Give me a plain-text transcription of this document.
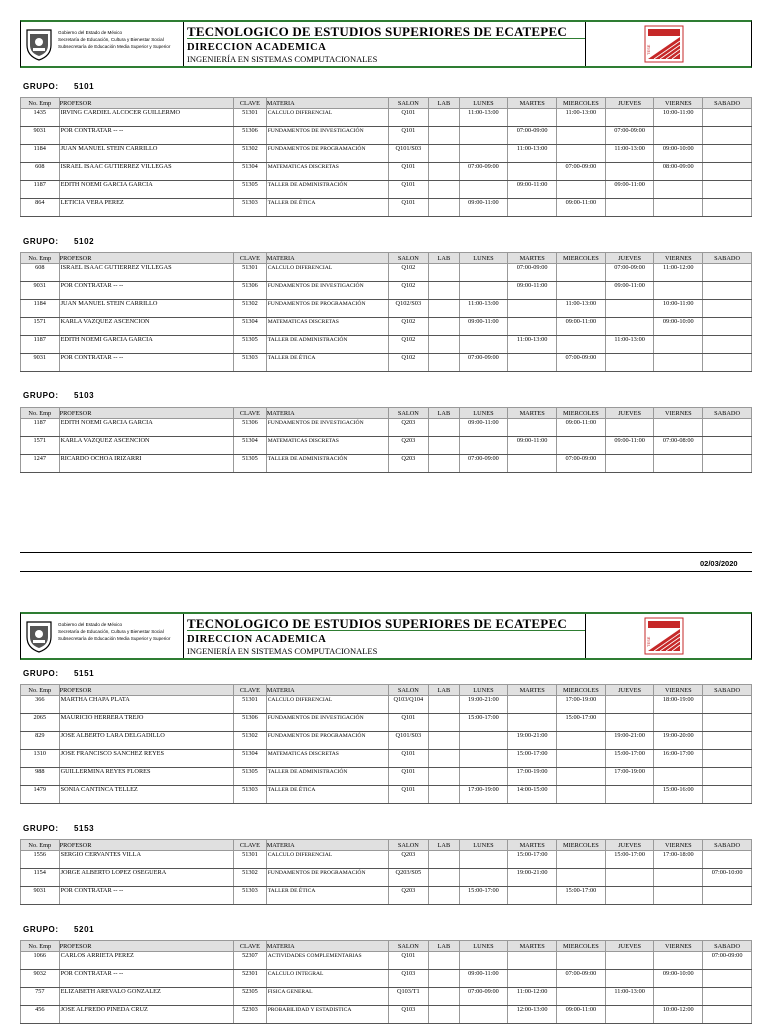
Gobierno del Estado de México
Secretaría de Educación, Cultura y Bienestar Social
Subsecretaría de Educación Media Superior y Superior
TECNOLOGICO DE ESTUDIOS SUPERIORES DE ECATEPEC
DIRECCION ACADEMICA
INGENIERÍA EN SISTEMAS COMPUTACIONALES
TESE
GRUPO: 5101
No. Emp	PROFESOR	CLAVE	MATERIA	SALON	LAB	LUNES	MARTES	MIERCOLES	JUEVES	VIERNES	SABADO
1435	IRVING CARDIEL ALCOCER GUILLERMO	51301	CALCULO DIFERENCIAL	Q101		11:00-13:00		11:00-13:00		10:00-11:00	
9031	POR CONTRATAR -- --	51306	FUNDAMENTOS DE INVESTIGACIÓN	Q101			07:00-09:00		07:00-09:00		
1184	JUAN MANUEL STEIN CARRILLO	51302	FUNDAMENTOS DE PROGRAMACIÓN	Q101/S03			11:00-13:00		11:00-13:00	09:00-10:00	
608	ISRAEL ISAAC GUTIERREZ VILLEGAS	51304	MATEMATICAS DISCRETAS	Q101		07:00-09:00		07:00-09:00		08:00-09:00	
1187	EDITH NOEMI GARCIA GARCIA	51305	TALLER DE ADMINISTRACIÓN	Q101			09:00-11:00		09:00-11:00		
864	LETICIA VERA PEREZ	51303	TALLER DE ÉTICA	Q101		09:00-11:00		09:00-11:00			
GRUPO: 5102
No. Emp	PROFESOR	CLAVE	MATERIA	SALON	LAB	LUNES	MARTES	MIERCOLES	JUEVES	VIERNES	SABADO
608	ISRAEL ISAAC GUTIERREZ VILLEGAS	51301	CALCULO DIFERENCIAL	Q102			07:00-09:00		07:00-09:00	11:00-12:00	
9031	POR CONTRATAR -- --	51306	FUNDAMENTOS DE INVESTIGACIÓN	Q102			09:00-11:00		09:00-11:00		
1184	JUAN MANUEL STEIN CARRILLO	51302	FUNDAMENTOS DE PROGRAMACIÓN	Q102/S03		11:00-13:00		11:00-13:00		10:00-11:00	
1571	KARLA VAZQUEZ ASCENCION	51304	MATEMATICAS DISCRETAS	Q102		09:00-11:00		09:00-11:00		09:00-10:00	
1187	EDITH NOEMI GARCIA GARCIA	51305	TALLER DE ADMINISTRACIÓN	Q102			11:00-13:00		11:00-13:00		
9031	POR CONTRATAR -- --	51303	TALLER DE ÉTICA	Q102		07:00-09:00		07:00-09:00			
GRUPO: 5103
No. Emp	PROFESOR	CLAVE	MATERIA	SALON	LAB	LUNES	MARTES	MIERCOLES	JUEVES	VIERNES	SABADO
1187	EDITH NOEMI GARCIA GARCIA	51306	FUNDAMENTOS DE INVESTIGACIÓN	Q203		09:00-11:00		09:00-11:00			
1571	KARLA VAZQUEZ ASCENCION	51304	MATEMATICAS DISCRETAS	Q203			09:00-11:00		09:00-11:00	07:00-08:00	
1247	RICARDO OCHOA IRIZARRI	51305	TALLER DE ADMINISTRACIÓN	Q203		07:00-09:00		07:00-09:00			
Gobierno del Estado de México
Secretaría de Educación, Cultura y Bienestar Social
Subsecretaría de Educación Media Superior y Superior
TECNOLOGICO DE ESTUDIOS SUPERIORES DE ECATEPEC
DIRECCION ACADEMICA
INGENIERÍA EN SISTEMAS COMPUTACIONALES
TESE
GRUPO: 5151
No. Emp	PROFESOR	CLAVE	MATERIA	SALON	LAB	LUNES	MARTES	MIERCOLES	JUEVES	VIERNES	SABADO
366	MARTHA CHAPA PLATA	51301	CALCULO DIFERENCIAL	Q103/Q104		19:00-21:00		17:00-19:00		18:00-19:00	
2065	MAURICIO HERRERA TREJO	51306	FUNDAMENTOS DE INVESTIGACIÓN	Q101		15:00-17:00		15:00-17:00			
829	JOSE ALBERTO LARA DELGADILLO	51302	FUNDAMENTOS DE PROGRAMACIÓN	Q101/S03			19:00-21:00		19:00-21:00	19:00-20:00	
1310	JOSE FRANCISCO SANCHEZ REYES	51304	MATEMATICAS DISCRETAS	Q101			15:00-17:00		15:00-17:00	16:00-17:00	
988	GUILLERMINA REYES FLORES	51305	TALLER DE ADMINISTRACIÓN	Q101			17:00-19:00		17:00-19:00		
1479	SONIA CANTINCA TELLEZ	51303	TALLER DE ÉTICA	Q101		17:00-19:00	14:00-15:00			15:00-16:00	
GRUPO: 5153
No. Emp	PROFESOR	CLAVE	MATERIA	SALON	LAB	LUNES	MARTES	MIERCOLES	JUEVES	VIERNES	SABADO
1556	SERGIO CERVANTES VILLA	51301	CALCULO DIFERENCIAL	Q203			15:00-17:00		15:00-17:00	17:00-18:00	
1154	JORGE ALBERTO LOPEZ OSEGUERA	51302	FUNDAMENTOS DE PROGRAMACIÓN	Q203/S05			19:00-21:00				07:00-10:00
9031	POR CONTRATAR -- --	51303	TALLER DE ÉTICA	Q203		15:00-17:00		15:00-17:00			
GRUPO: 5201
No. Emp	PROFESOR	CLAVE	MATERIA	SALON	LAB	LUNES	MARTES	MIERCOLES	JUEVES	VIERNES	SABADO
1066	CARLOS ARRIETA PEREZ	52307	ACTIVIDADES COMPLEMENTARIAS	Q101							07:00-09:00
9032	POR CONTRATAR -- --	52301	CALCULO INTEGRAL	Q103		09:00-11:00		07:00-09:00		09:00-10:00	
757	ELIZABETH AREVALO GONZALEZ	52305	FISICA GENERAL	Q103/T1		07:00-09:00	11:00-12:00		11:00-13:00		
456	JOSE ALFREDO PINEDA CRUZ	52303	PROBABILIDAD Y ESTADISTICA	Q103			12:00-13:00	09:00-11:00		10:00-12:00	
02/03/2020
